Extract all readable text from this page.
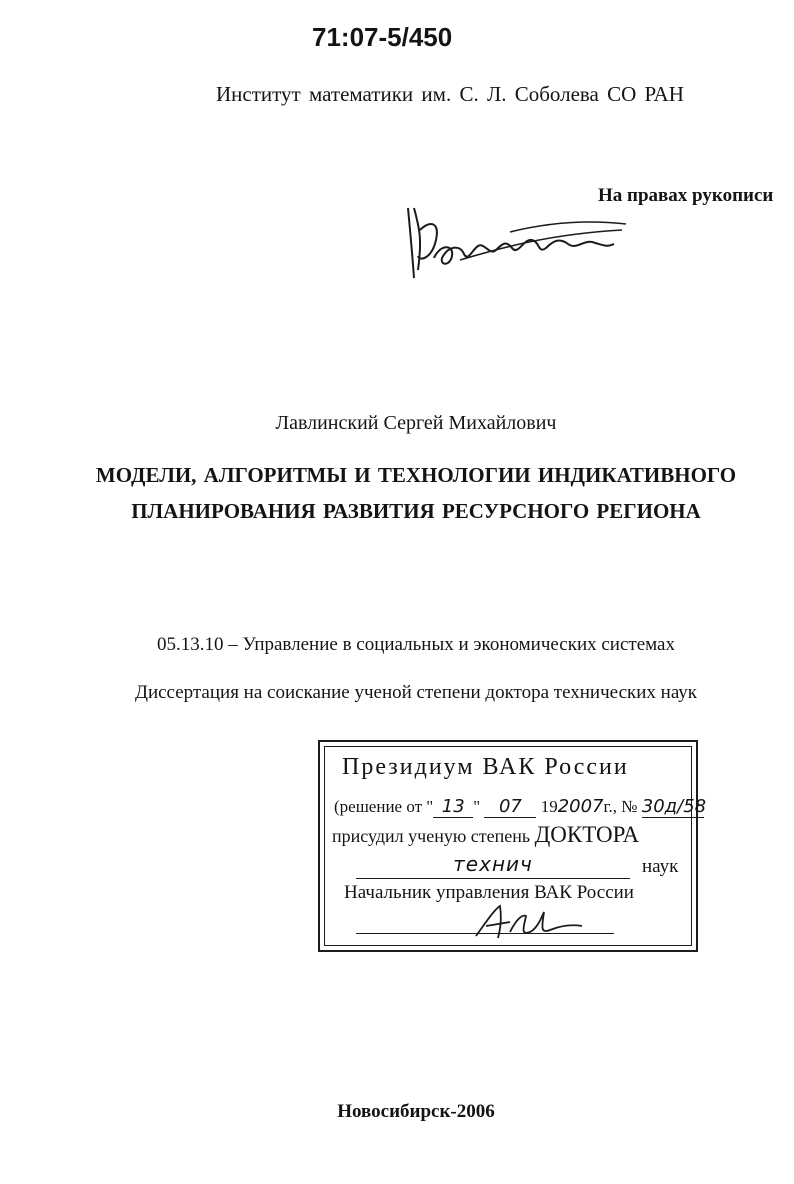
71:07-5/450
Институт математики им. С. Л. Соболева СО РАН
На правах рукописи
Лавлинский Сергей Михайлович
МОДЕЛИ, АЛГОРИТМЫ И ТЕХНОЛОГИИ ИНДИКАТИВНОГО
ПЛАНИРОВАНИЯ РАЗВИТИЯ РЕСУРСНОГО РЕГИОНА
05.13.10 – Управление в социальных и экономических системах
Диссертация на соискание ученой степени доктора технических наук
Президиум ВАК России
(решение от " 13 " 07 192007г., № 30д/58
присудил ученую степень ДОКТОРА
технич	наук
Начальник управления ВАК России
Новосибирск-2006
